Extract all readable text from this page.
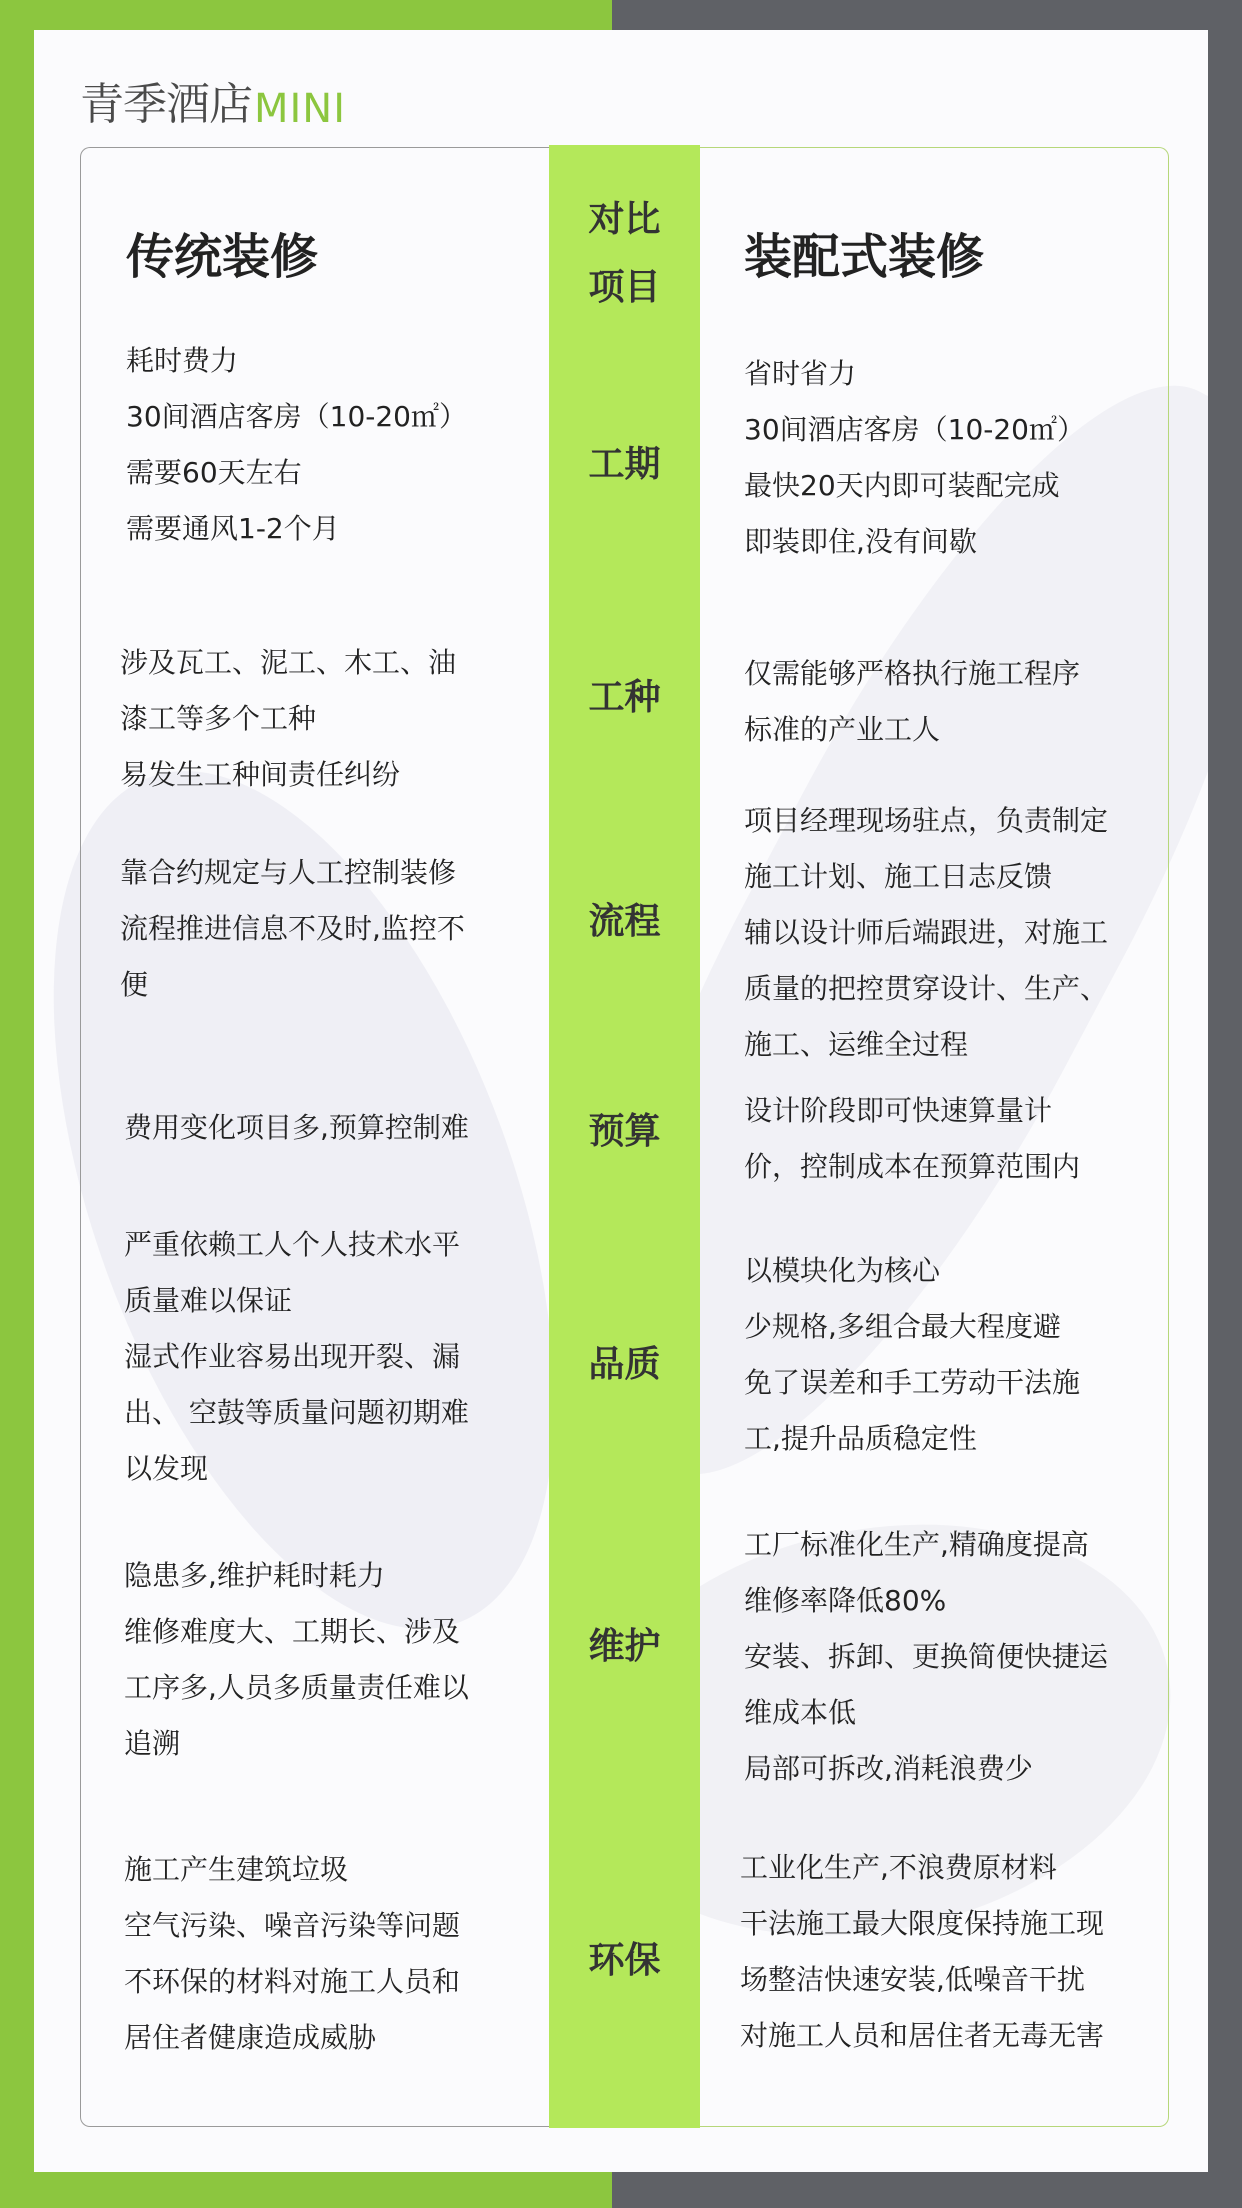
青季酒店 MINI
传统装修
对比
项目
装配式装修
工期
耗时费力
30间酒店客房（10-20㎡）
需要60天左右
需要通风1-2个月
省时省力
30间酒店客房（10-20㎡）
最快20天内即可装配完成
即装即住,没有间歇
工种
涉及瓦工、泥工、木工、油
漆工等多个工种
易发生工种间责任纠纷
仅需能够严格执行施工程序
标准的产业工人
流程
靠合约规定与人工控制装修
流程推进信息不及时,监控不
便
项目经理现场驻点，负责制定
施工计划、施工日志反馈
辅以设计师后端跟进，对施工
质量的把控贯穿设计、生产、
施工、运维全过程
预算
费用变化项目多,预算控制难
设计阶段即可快速算量计
价，控制成本在预算范围内
品质
严重依赖工人个人技术水平
质量难以保证
湿式作业容易出现开裂、漏
出、 空鼓等质量问题初期难
以发现
以模块化为核心
少规格,多组合最大程度避
免了误差和手工劳动干法施
工,提升品质稳定性
维护
隐患多,维护耗时耗力
维修难度大、工期长、涉及
工序多,人员多质量责任难以
追溯
工厂标准化生产,精确度提高
维修率降低80%
安装、拆卸、更换简便快捷运
维成本低
局部可拆改,消耗浪费少
环保
施工产生建筑垃圾
空气污染、噪音污染等问题
不环保的材料对施工人员和
居住者健康造成威胁
工业化生产,不浪费原材料
干法施工最大限度保持施工现
场整洁快速安装,低噪音干扰
对施工人员和居住者无毒无害
